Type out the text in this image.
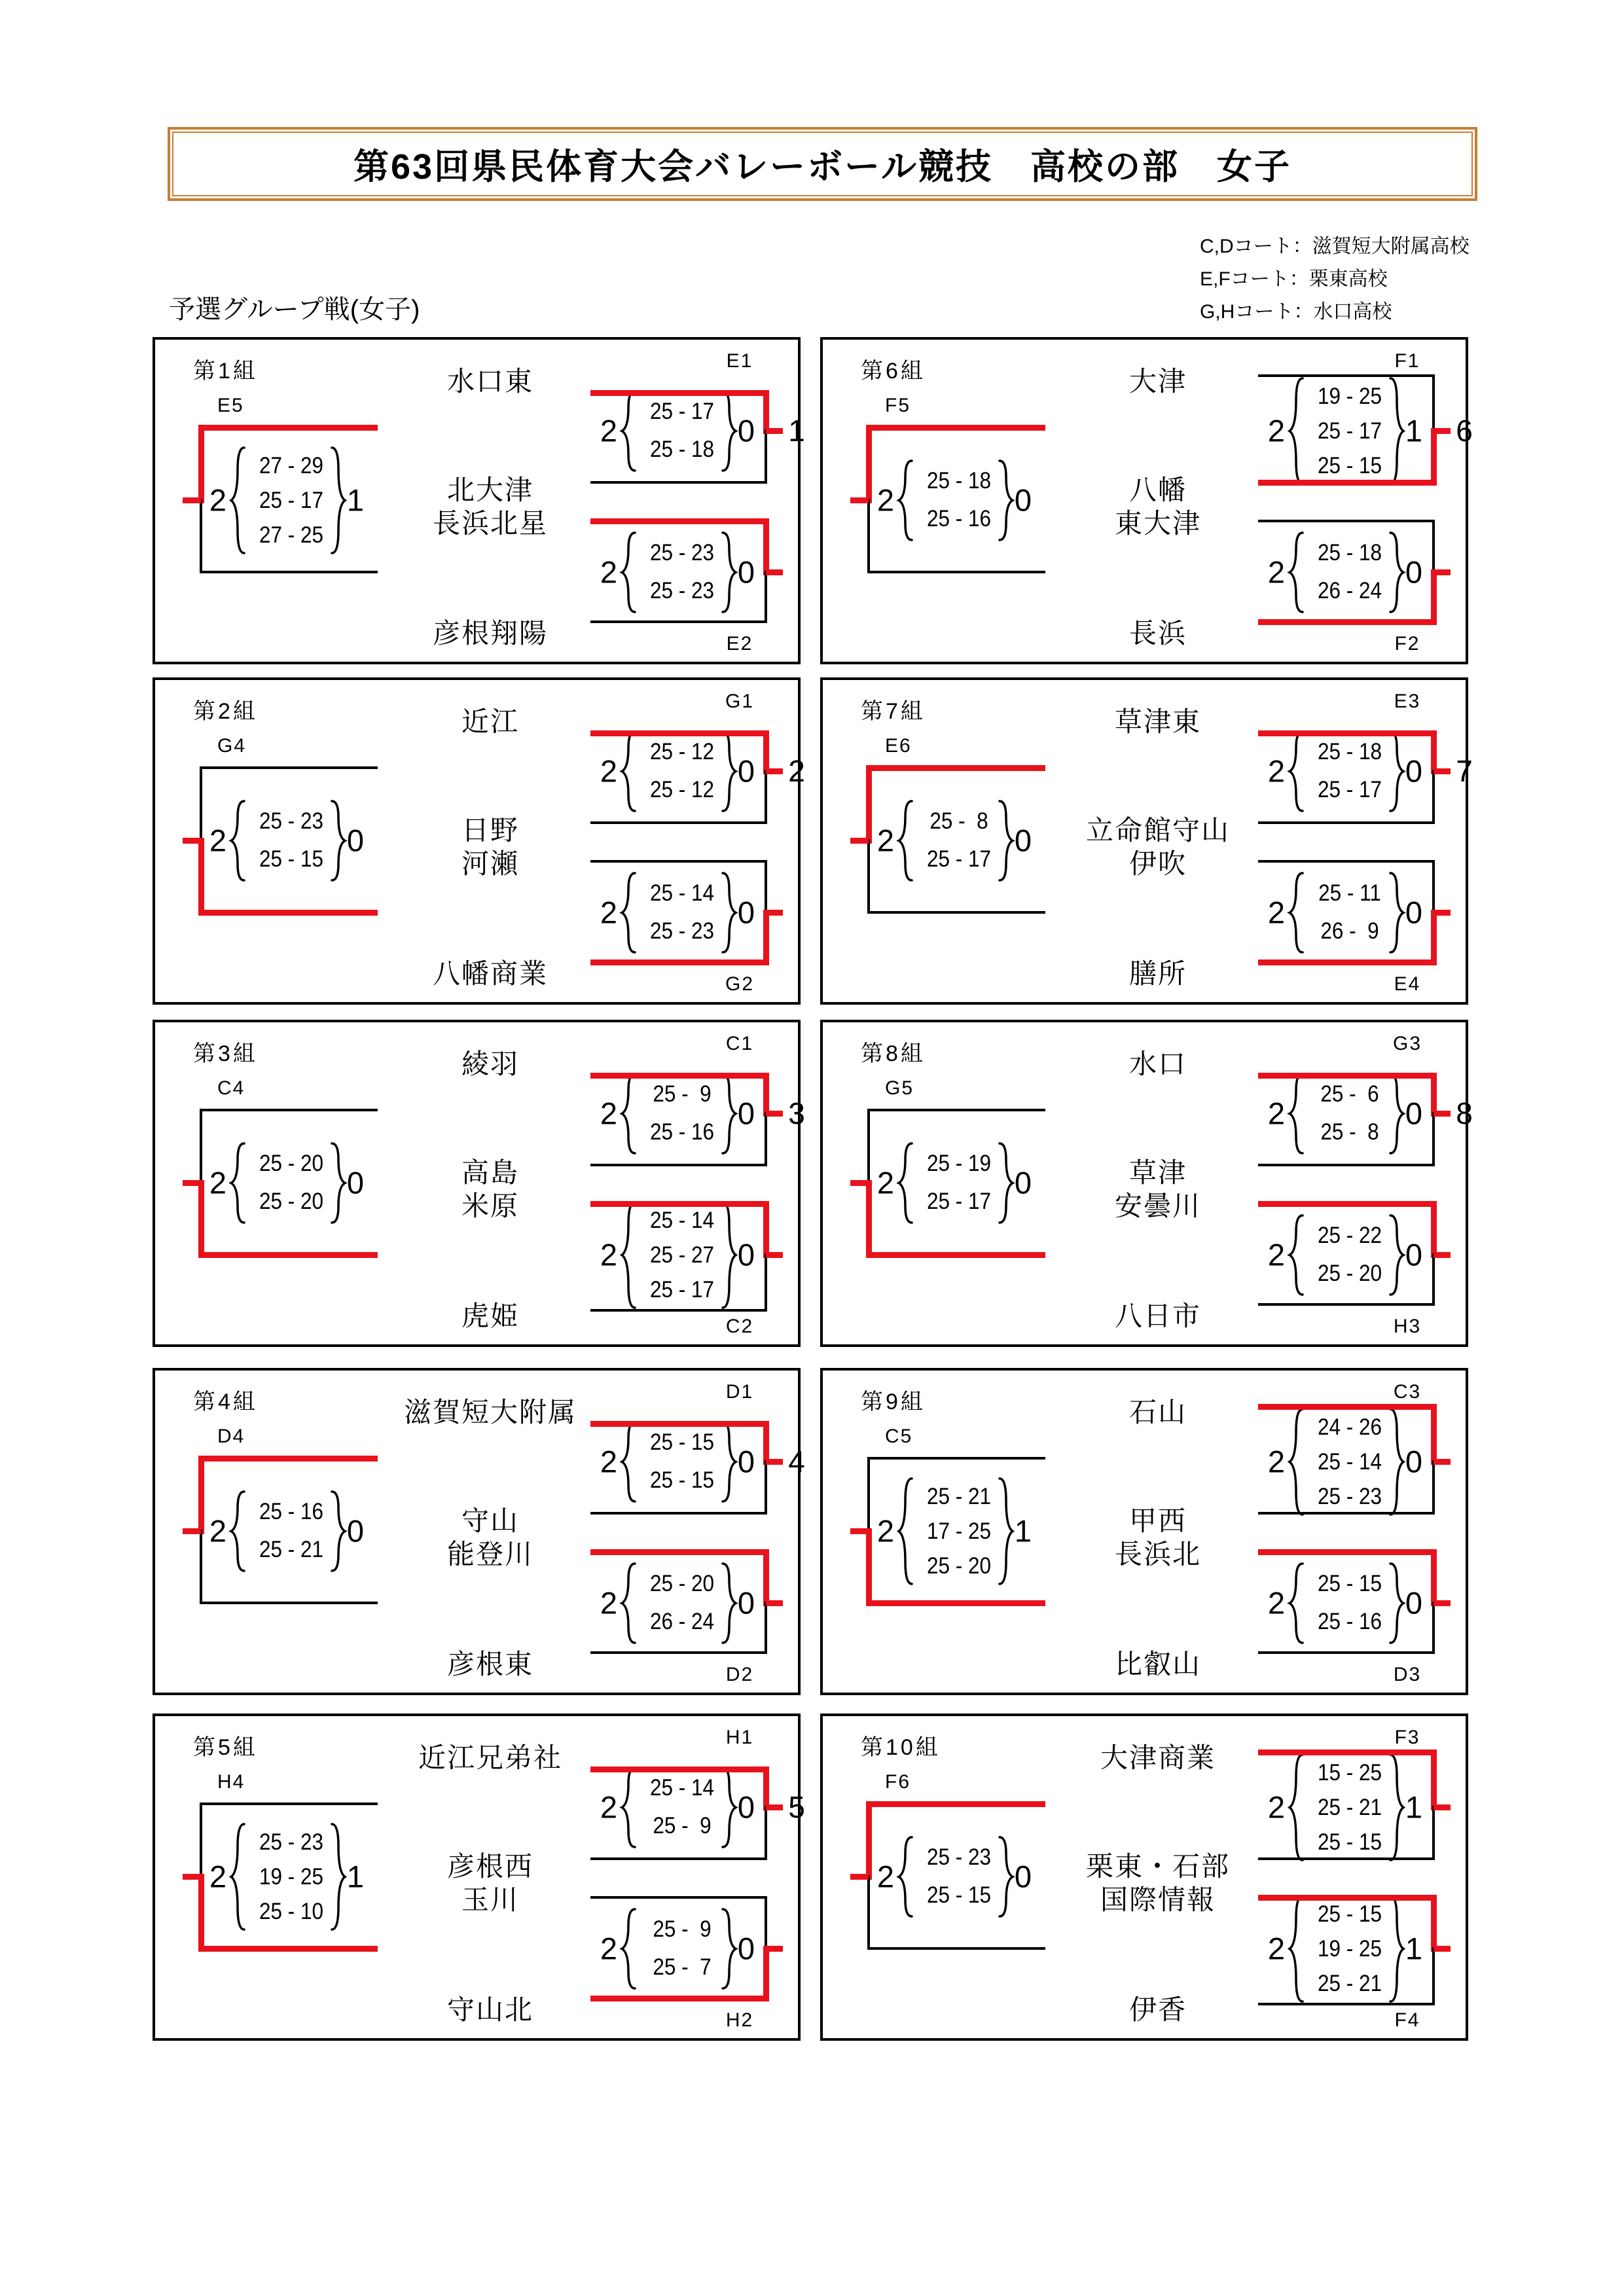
第63回県民体育大会バレーボール競技　高校の部　女子
C,Dコート：滋賀短大附属高校
E,Fコート：栗東高校
G,Hコート：水口高校
予選グループ戦(女子)
第1組
E5
E1
E2
水口東
北大津
長浜北星
彦根翔陽
2
27 - 29
25 - 17
27 - 25
1
2
25 - 17
25 - 18
0
2
25 - 23
25 - 23
0
1
第2組
G4
G1
G2
近江
日野
河瀬
八幡商業
2
25 - 23
25 - 15
0
2
25 - 12
25 - 12
0
2
25 - 14
25 - 23
0
2
第3組
C4
C1
C2
綾羽
高島
米原
虎姫
2
25 - 20
25 - 20
0
2
25 -  9
25 - 16
0
2
25 - 14
25 - 27
25 - 17
0
3
第4組
D4
D1
D2
滋賀短大附属
守山
能登川
彦根東
2
25 - 16
25 - 21
0
2
25 - 15
25 - 15
0
2
25 - 20
26 - 24
0
4
第5組
H4
H1
H2
近江兄弟社
彦根西
玉川
守山北
2
25 - 23
19 - 25
25 - 10
1
2
25 - 14
25 -  9
0
2
25 -  9
25 -  7
0
5
第6組
F5
F1
F2
大津
八幡
東大津
長浜
2
25 - 18
25 - 16
0
2
19 - 25
25 - 17
25 - 15
1
2
25 - 18
26 - 24
0
6
第7組
E6
E3
E4
草津東
立命館守山
伊吹
膳所
2
25 -  8
25 - 17
0
2
25 - 18
25 - 17
0
2
25 - 11
26 -  9
0
7
第8組
G5
G3
H3
水口
草津
安曇川
八日市
2
25 - 19
25 - 17
0
2
25 -  6
25 -  8
0
2
25 - 22
25 - 20
0
8
第9組
C5
C3
D3
石山
甲西
長浜北
比叡山
2
25 - 21
17 - 25
25 - 20
1
2
24 - 26
25 - 14
25 - 23
0
2
25 - 15
25 - 16
0
第10組
F6
F3
F4
大津商業
栗東・石部
国際情報
伊香
2
25 - 23
25 - 15
0
2
15 - 25
25 - 21
25 - 15
1
2
25 - 15
19 - 25
25 - 21
1
